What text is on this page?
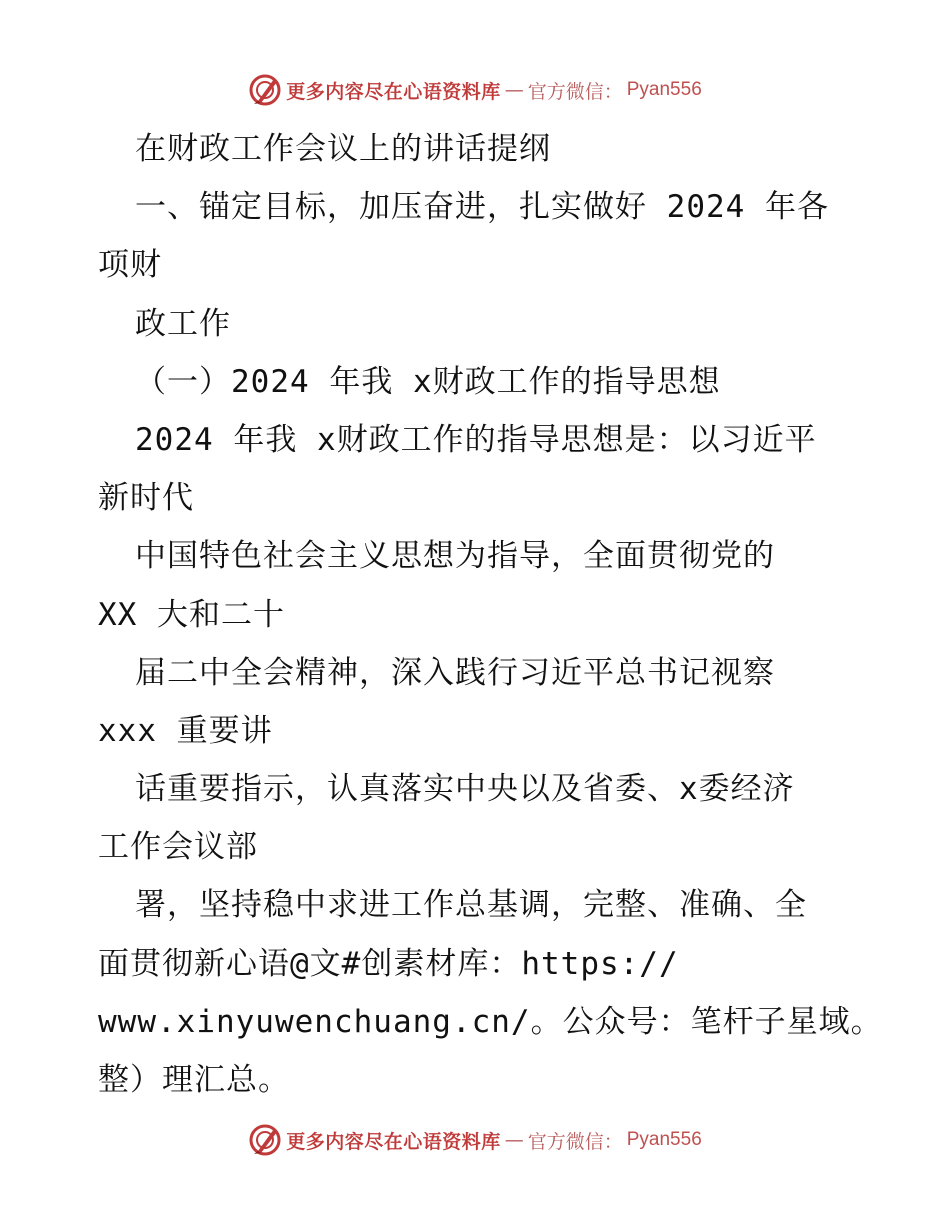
更多内容尽在心语资料库 — 官方微信： Pyan556
在财政工作会议上的讲话提纲
一、锚定目标，加压奋进，扎实做好 2024 年各
项财
政工作
（一）2024 年我 x财政工作的指导思想
2024 年我 x财政工作的指导思想是：以习近平
新时代
中国特色社会主义思想为指导，全面贯彻党的
XX 大和二十
届二中全会精神，深入践行习近平总书记视察
xxx 重要讲
话重要指示，认真落实中央以及省委、x委经济
工作会议部
署，坚持稳中求进工作总基调，完整、准确、全
面贯彻新心语@文#创素材库：https://
www.xinyuwenchuang.cn/。公众号：笔杆子星域。
整）理汇总。
更多内容尽在心语资料库 — 官方微信： Pyan556
